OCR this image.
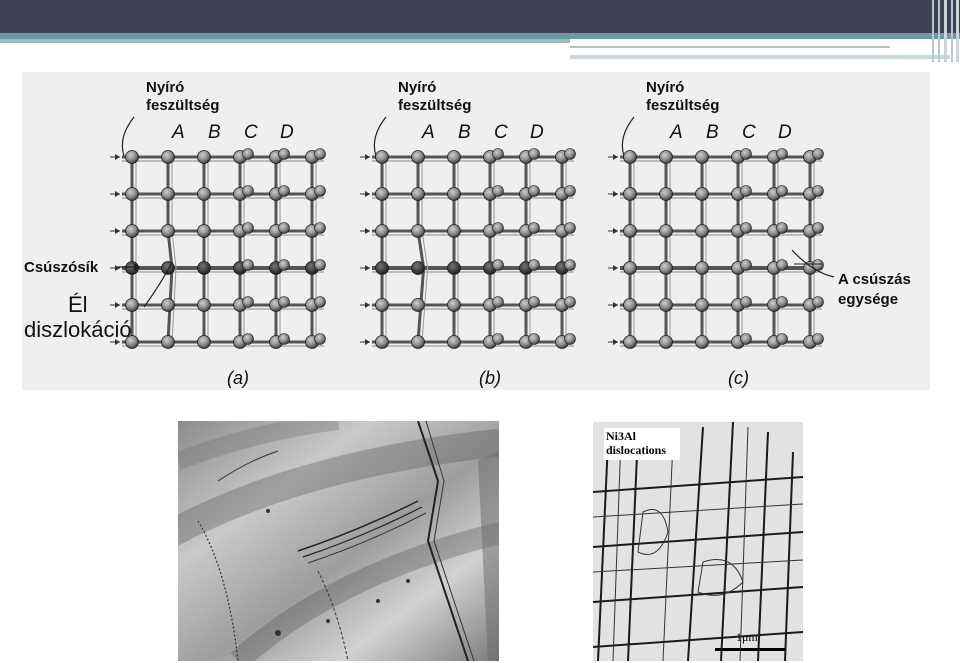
Nyíró
feszültség
A B C D
(a)
Nyíró
feszültség
A B C D
(b)
Nyíró
feszültség
A B C D
(c)
Csúszósík
Él
diszlokáció
A csúszás
egysége
Ni3Al
dislocations
1μm
